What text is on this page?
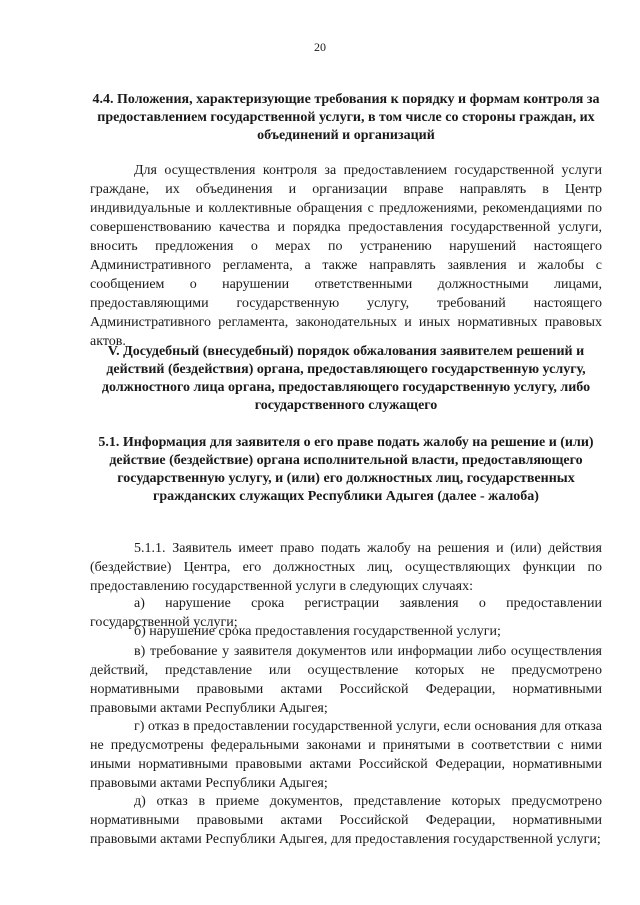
20
4.4. Положения, характеризующие требования к порядку и формам контроля за предоставлением государственной услуги, в том числе со стороны граждан, их объединений и организаций
Для осуществления контроля за предоставлением государственной услуги граждане, их объединения и организации вправе направлять в Центр индивидуальные и коллективные обращения с предложениями, рекомендациями по совершенствованию качества и порядка предоставления государственной услуги, вносить предложения о мерах по устранению нарушений настоящего Административного регламента, а также направлять заявления и жалобы с сообщением о нарушении ответственными должностными лицами, предоставляющими государственную услугу, требований настоящего Административного регламента, законодательных и иных нормативных правовых актов.
V. Досудебный (внесудебный) порядок обжалования заявителем решений и действий (бездействия) органа, предоставляющего государственную услугу, должностного лица органа, предоставляющего государственную услугу, либо государственного служащего
5.1. Информация для заявителя о его праве подать жалобу на решение и (или) действие (бездействие) органа исполнительной власти, предоставляющего государственную услугу, и (или) его должностных лиц, государственных гражданских служащих Республики Адыгея (далее - жалоба)
5.1.1. Заявитель имеет право подать жалобу на решения и (или) действия (бездействие) Центра, его должностных лиц, осуществляющих функции по предоставлению государственной услуги в следующих случаях:
а) нарушение срока регистрации заявления о предоставлении государственной услуги;
б) нарушение срока предоставления государственной услуги;
в) требование у заявителя документов или информации либо осуществления действий, представление или осуществление которых не предусмотрено нормативными правовыми актами Российской Федерации, нормативными правовыми актами Республики Адыгея;
г) отказ в предоставлении государственной услуги, если основания для отказа не предусмотрены федеральными законами и принятыми в соответствии с ними иными нормативными правовыми актами Российской Федерации, нормативными правовыми актами Республики Адыгея;
д) отказ в приеме документов, представление которых предусмотрено нормативными правовыми актами Российской Федерации, нормативными правовыми актами Республики Адыгея, для предоставления государственной услуги;
